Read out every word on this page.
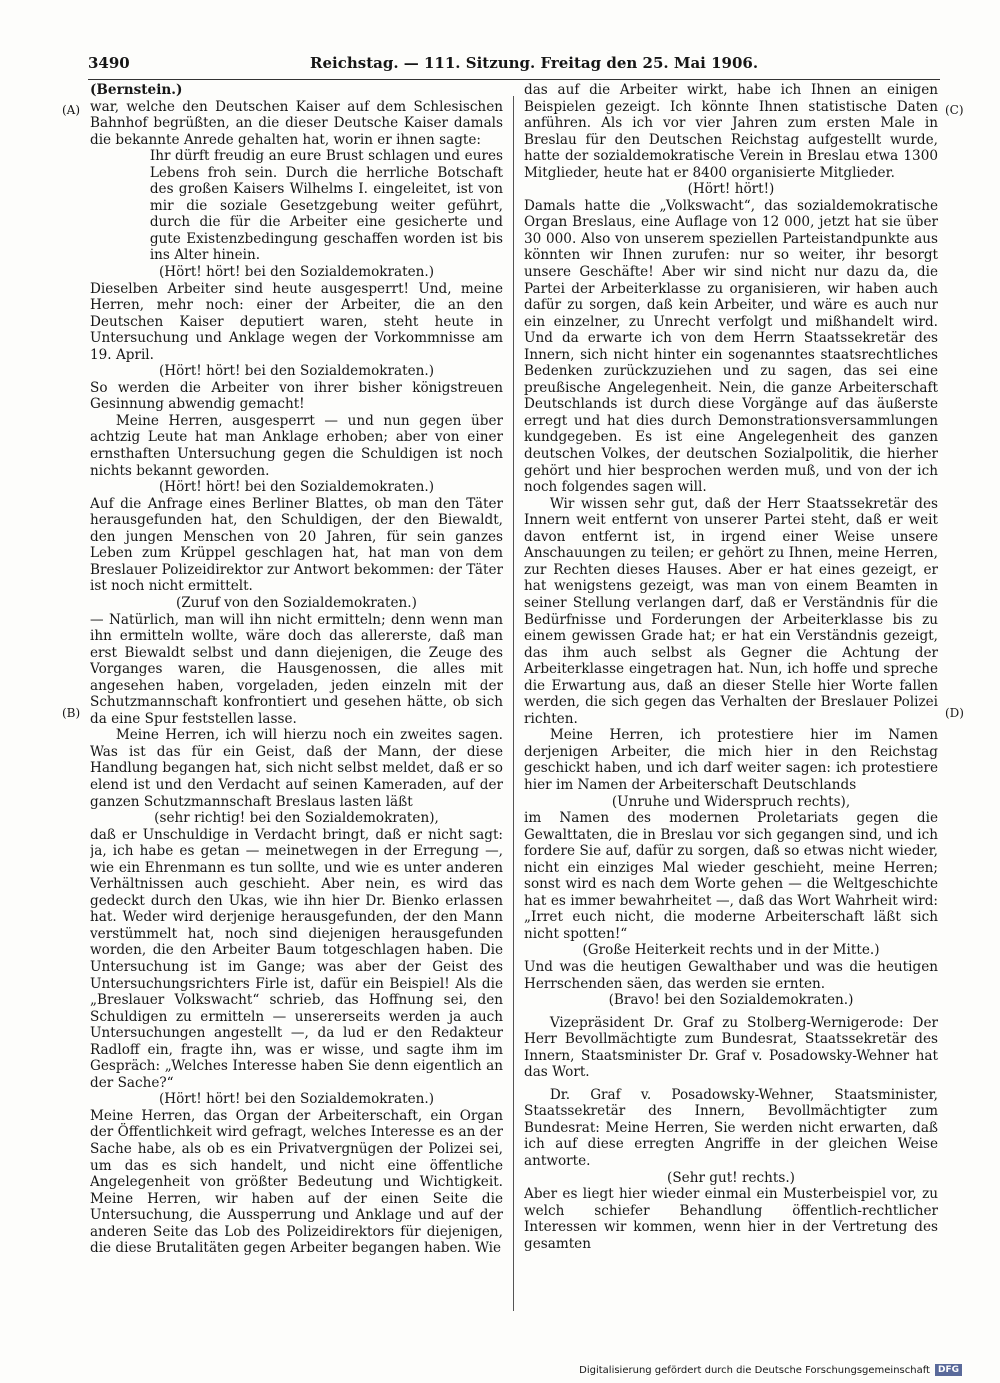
3490	Reichstag. — 111. Sitzung. Freitag den 25. Mai 1906.
(A)
(B)
(C)
(D)

(Bernstein.)

war, welche den Deutschen Kaiser auf dem Schlesischen Bahnhof begrüßten, an die dieser Deutsche Kaiser damals die bekannte Anrede gehalten hat, worin er ihnen sagte:

Ihr dürft freudig an eure Brust schlagen und eures Lebens froh sein. Durch die herrliche Botschaft des großen Kaisers Wilhelms I. eingeleitet, ist von mir die soziale Gesetzgebung weiter geführt, durch die für die Arbeiter eine gesicherte und gute Existenzbedingung geschaffen worden ist bis ins Alter hinein.

(Hört! hört! bei den Sozialdemokraten.)

Dieselben Arbeiter sind heute ausgesperrt! Und, meine Herren, mehr noch: einer der Arbeiter, die an den Deutschen Kaiser deputiert waren, steht heute in Untersuchung und Anklage wegen der Vorkommnisse am 19. April.

(Hört! hört! bei den Sozialdemokraten.)

So werden die Arbeiter von ihrer bisher königstreuen Gesinnung abwendig gemacht!

Meine Herren, ausgesperrt — und nun gegen über achtzig Leute hat man Anklage erhoben; aber von einer ernsthaften Untersuchung gegen die Schuldigen ist noch nichts bekannt geworden.

(Hört! hört! bei den Sozialdemokraten.)

Auf die Anfrage eines Berliner Blattes, ob man den Täter herausgefunden hat, den Schuldigen, der den Biewaldt, den jungen Menschen von 20 Jahren, für sein ganzes Leben zum Krüppel geschlagen hat, hat man von dem Breslauer Polizeidirektor zur Antwort bekommen: der Täter ist noch nicht ermittelt.

(Zuruf von den Sozialdemokraten.)

— Natürlich, man will ihn nicht ermitteln; denn wenn man ihn ermitteln wollte, wäre doch das allererste, daß man erst Biewaldt selbst und dann diejenigen, die Zeuge des Vorganges waren, die Hausgenossen, die alles mit angesehen haben, vorgeladen, jeden einzeln mit der Schutzmannschaft konfrontiert und gesehen hätte, ob sich da eine Spur feststellen lasse.

Meine Herren, ich will hierzu noch ein zweites sagen. Was ist das für ein Geist, daß der Mann, der diese Handlung begangen hat, sich nicht selbst meldet, daß er so elend ist und den Verdacht auf seinen Kameraden, auf der ganzen Schutzmannschaft Breslaus lasten läßt

(sehr richtig! bei den Sozialdemokraten),

daß er Unschuldige in Verdacht bringt, daß er nicht sagt: ja, ich habe es getan — meinetwegen in der Erregung —, wie ein Ehrenmann es tun sollte, und wie es unter anderen Verhältnissen auch geschieht. Aber nein, es wird das gedeckt durch den Ukas, wie ihn hier Dr. Bienko erlassen hat. Weder wird derjenige herausgefunden, der den Mann verstümmelt hat, noch sind diejenigen herausgefunden worden, die den Arbeiter Baum totgeschlagen haben. Die Untersuchung ist im Gange; was aber der Geist des Untersuchungsrichters Firle ist, dafür ein Beispiel! Als die „Breslauer Volkswacht“ schrieb, das Hoffnung sei, den Schuldigen zu ermitteln — unsererseits werden ja auch Untersuchungen angestellt —, da lud er den Redakteur Radloff ein, fragte ihn, was er wisse, und sagte ihm im Gespräch: „Welches Interesse haben Sie denn eigentlich an der Sache?“

(Hört! hört! bei den Sozialdemokraten.)

Meine Herren, das Organ der Arbeiterschaft, ein Organ der Öffentlichkeit wird gefragt, welches Interesse es an der Sache habe, als ob es ein Privatvergnügen der Polizei sei, um das es sich handelt, und nicht eine öffentliche Angelegenheit von größter Bedeutung und Wichtigkeit. Meine Herren, wir haben auf der einen Seite die Untersuchung, die Aussperrung und Anklage und auf der anderen Seite das Lob des Polizeidirektors für diejenigen, die diese Brutalitäten gegen Arbeiter begangen haben. Wie

das auf die Arbeiter wirkt, habe ich Ihnen an einigen Beispielen gezeigt. Ich könnte Ihnen statistische Daten anführen. Als ich vor vier Jahren zum ersten Male in Breslau für den Deutschen Reichstag aufgestellt wurde, hatte der sozialdemokratische Verein in Breslau etwa 1300 Mitglieder, heute hat er 8400 organisierte Mitglieder.

(Hört! hört!)

Damals hatte die „Volkswacht“, das sozialdemokratische Organ Breslaus, eine Auflage von 12 000, jetzt hat sie über 30 000. Also von unserem speziellen Parteistandpunkte aus könnten wir Ihnen zurufen: nur so weiter, ihr besorgt unsere Geschäfte! Aber wir sind nicht nur dazu da, die Partei der Arbeiterklasse zu organisieren, wir haben auch dafür zu sorgen, daß kein Arbeiter, und wäre es auch nur ein einzelner, zu Unrecht verfolgt und mißhandelt wird. Und da erwarte ich von dem Herrn Staatssekretär des Innern, sich nicht hinter ein sogenanntes staatsrechtliches Bedenken zurückzuziehen und zu sagen, das sei eine preußische Angelegenheit. Nein, die ganze Arbeiterschaft Deutschlands ist durch diese Vorgänge auf das äußerste erregt und hat dies durch Demonstrationsversammlungen kundgegeben. Es ist eine Angelegenheit des ganzen deutschen Volkes, der deutschen Sozialpolitik, die hierher gehört und hier besprochen werden muß, und von der ich noch folgendes sagen will.

Wir wissen sehr gut, daß der Herr Staatssekretär des Innern weit entfernt von unserer Partei steht, daß er weit davon entfernt ist, in irgend einer Weise unsere Anschauungen zu teilen; er gehört zu Ihnen, meine Herren, zur Rechten dieses Hauses. Aber er hat eines gezeigt, er hat wenigstens gezeigt, was man von einem Beamten in seiner Stellung verlangen darf, daß er Verständnis für die Bedürfnisse und Forderungen der Arbeiterklasse bis zu einem gewissen Grade hat; er hat ein Verständnis gezeigt, das ihm auch selbst als Gegner die Achtung der Arbeiterklasse eingetragen hat. Nun, ich hoffe und spreche die Erwartung aus, daß an dieser Stelle hier Worte fallen werden, die sich gegen das Verhalten der Breslauer Polizei richten.

Meine Herren, ich protestiere hier im Namen derjenigen Arbeiter, die mich hier in den Reichstag geschickt haben, und ich darf weiter sagen: ich protestiere hier im Namen der Arbeiterschaft Deutschlands

(Unruhe und Widerspruch rechts),

im Namen des modernen Proletariats gegen die Gewalttaten, die in Breslau vor sich gegangen sind, und ich fordere Sie auf, dafür zu sorgen, daß so etwas nicht wieder, nicht ein einziges Mal wieder geschieht, meine Herren; sonst wird es nach dem Worte gehen — die Weltgeschichte hat es immer bewahrheitet —, daß das Wort Wahrheit wird: „Irret euch nicht, die moderne Arbeiterschaft läßt sich nicht spotten!“

(Große Heiterkeit rechts und in der Mitte.)

Und was die heutigen Gewalthaber und was die heutigen Herrschenden säen, das werden sie ernten.

(Bravo! bei den Sozialdemokraten.)

Vizepräsident Dr. Graf zu Stolberg-Wernigerode: Der Herr Bevollmächtigte zum Bundesrat, Staatssekretär des Innern, Staatsminister Dr. Graf v. Posadowsky-Wehner hat das Wort.

Dr. Graf v. Posadowsky-Wehner, Staatsminister, Staatssekretär des Innern, Bevollmächtigter zum Bundesrat: Meine Herren, Sie werden nicht erwarten, daß ich auf diese erregten Angriffe in der gleichen Weise antworte.

(Sehr gut! rechts.)

Aber es liegt hier wieder einmal ein Musterbeispiel vor, zu welch schiefer Behandlung öffentlich-rechtlicher Interessen wir kommen, wenn hier in der Vertretung des gesamten

Digitalisierung gefördert durch die Deutsche Forschungsgemeinschaft DFG
